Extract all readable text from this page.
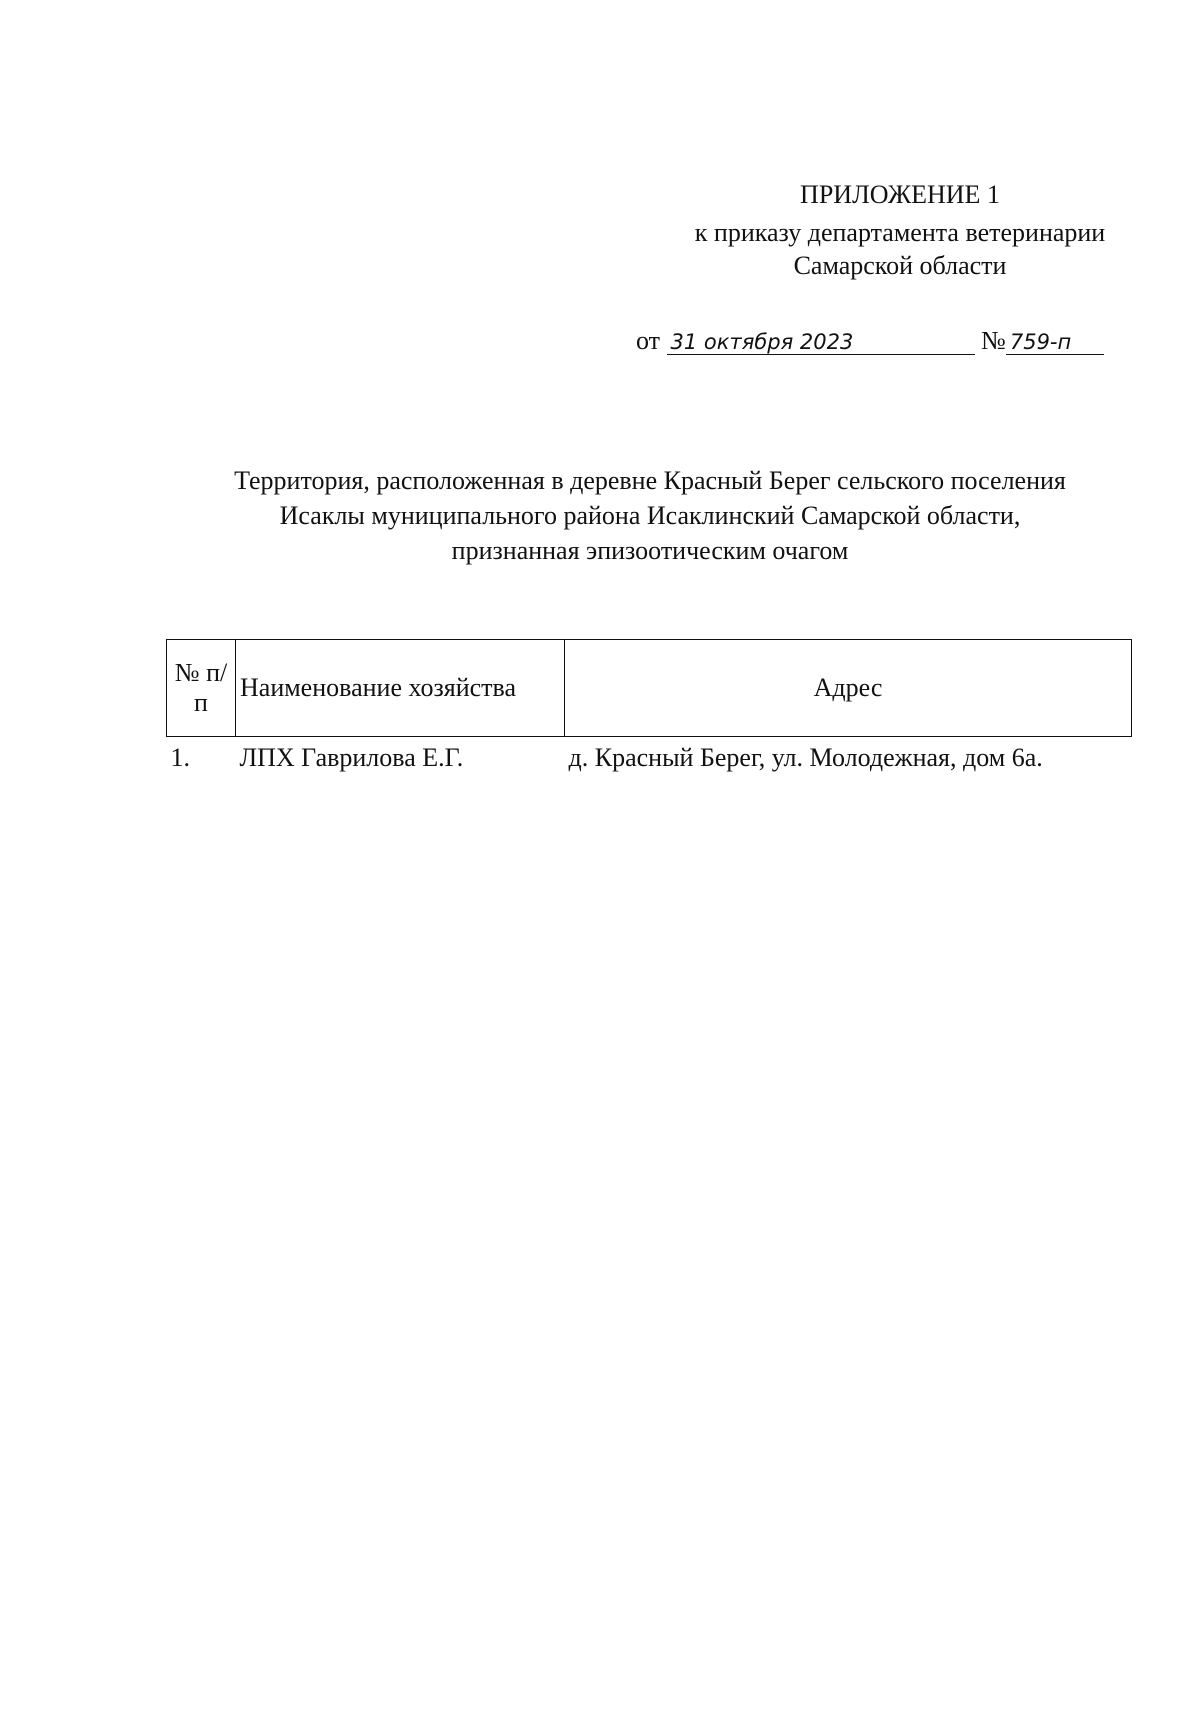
ПРИЛОЖЕНИЕ 1
к приказу департамента ветеринарии
Самарской области
от 31 октября 2023	№ 759-п
Территория, расположенная в деревне Красный Берег сельского поселения
Исаклы муниципального района Исаклинский Самарской области,
признанная эпизоотическим очагом
№ п/п	Наименование хозяйства	Адрес
1.	ЛПХ Гаврилова Е.Г.	д. Красный Берег, ул. Молодежная, дом 6а.
